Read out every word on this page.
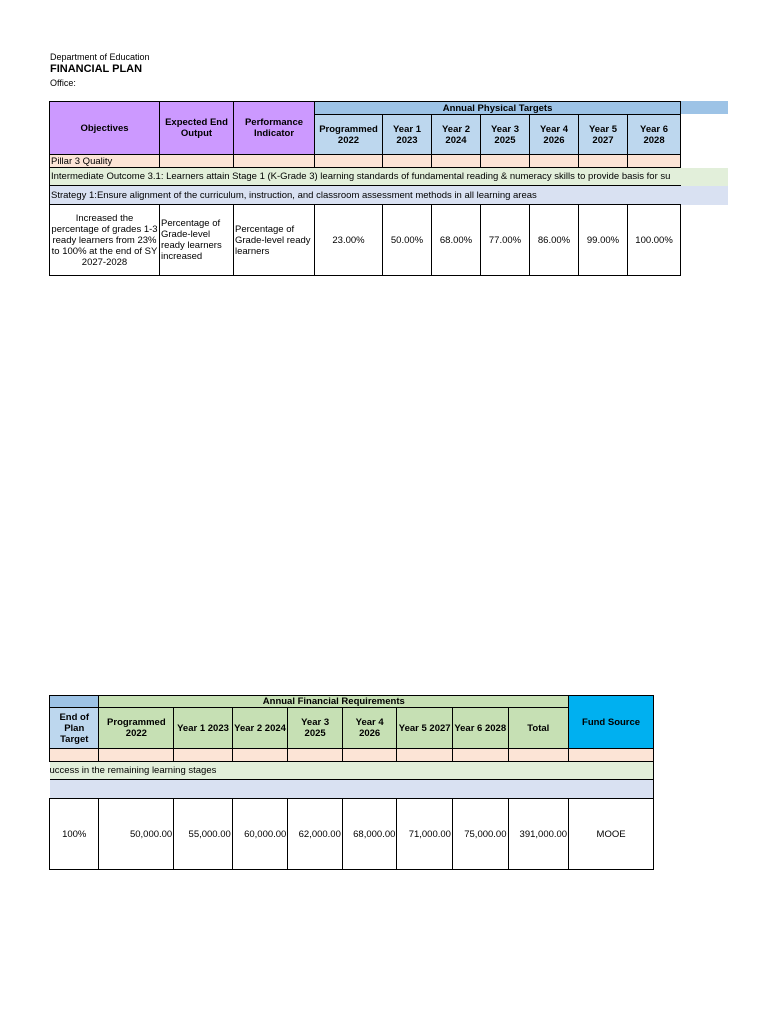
Department of Education
FINANCIAL PLAN
Office:
Objectives	Expected End Output	Performance Indicator	Annual Physical Targets						
			Programmed 2022	Year 1 2023	Year 2 2024	Year 3 2025	Year 4 2026	Year 5 2027	Year 6 2028
Pillar 3 Quality									
Intermediate Outcome 3.1: Learners attain Stage 1 (K-Grade 3) learning standards of fundamental reading & numeracy skills to provide basis for su									
Strategy 1:Ensure alignment of the curriculum, instruction, and classroom assessment methods in all learning areas									
Increased the percentage of grades 1-3 ready learners from 23% to 100% at the end of SY 2027-2028	Percentage of Grade-level ready learners increased	Percentage of Grade-level ready learners	23.00%	50.00%	68.00%	77.00%	86.00%	99.00%	100.00%
	Annual Financial Requirements								Fund Source
End of Plan Target	Programmed 2022	Year 1 2023	Year 2 2024	Year 3 2025	Year 4 2026	Year 5 2027	Year 6 2028	Total	

uccess in the remaining learning stages									

100%	50,000.00	55,000.00	60,000.00	62,000.00	68,000.00	71,000.00	75,000.00	391,000.00	MOOE
